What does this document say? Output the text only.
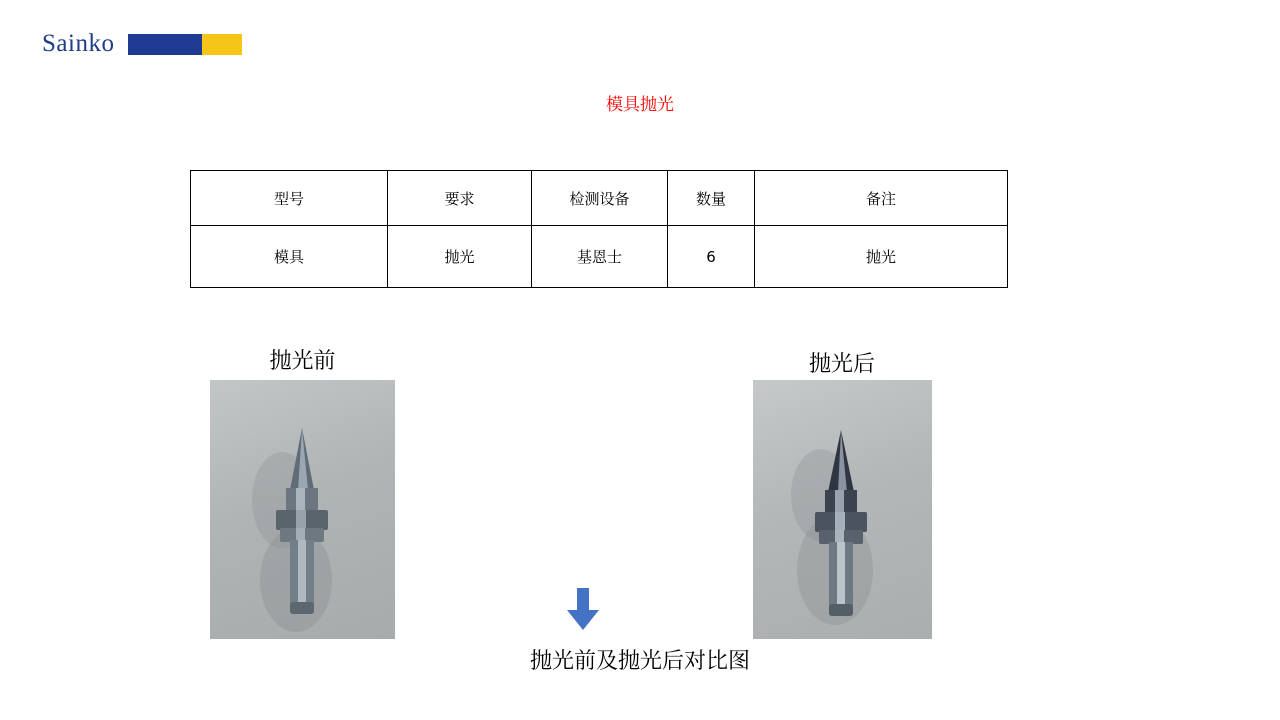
Sainko
模具抛光
型号	要求	检测设备	数量	备注
模具	抛光	基恩士	6	抛光
抛光前	抛光后
抛光前及抛光后对比图
